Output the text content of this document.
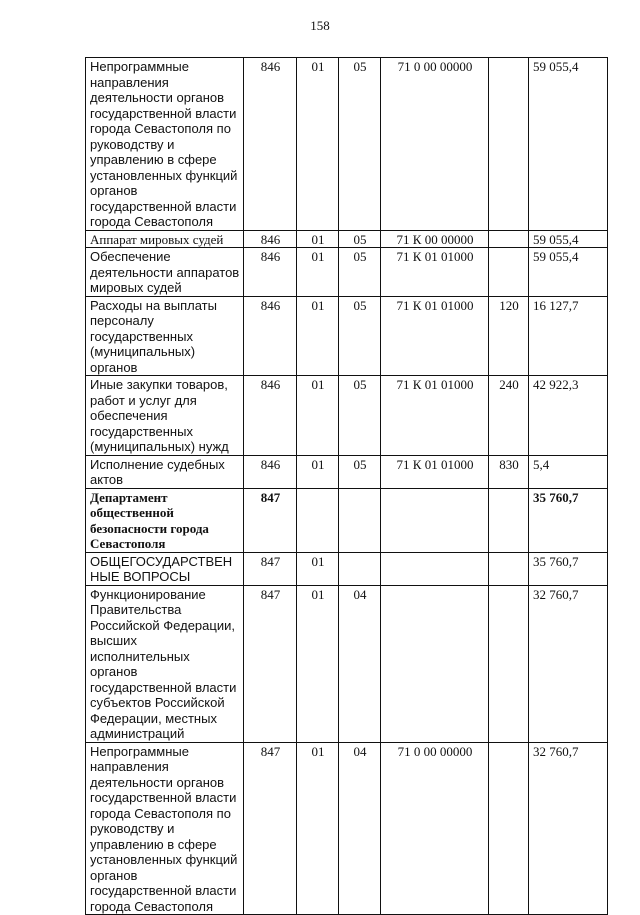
158
Непрограммные направления деятельности органов государственной власти города Севастополя по руководству и управлению в сфере установленных функций органов государственной власти города Севастополя	846	01	05	71 0 00 00000		59 055,4
Аппарат мировых судей	846	01	05	71 К 00 00000		59 055,4
Обеспечение деятельности аппаратов мировых судей	846	01	05	71 К 01 01000		59 055,4
Расходы на выплаты персоналу государственных (муниципальных) органов	846	01	05	71 К 01 01000	120	16 127,7
Иные закупки товаров, работ и услуг для обеспечения государственных (муниципальных) нужд	846	01	05	71 К 01 01000	240	42 922,3
Исполнение судебных актов	846	01	05	71 К 01 01000	830	5,4
Департамент общественной безопасности города Севастополя	847					35 760,7
ОБЩЕГОСУДАРСТВЕН НЫЕ ВОПРОСЫ	847	01				35 760,7
Функционирование Правительства Российской Федерации, высших исполнительных органов государственной власти субъектов Российской Федерации, местных администраций	847	01	04			32 760,7
Непрограммные направления деятельности органов государственной власти города Севастополя по руководству и управлению в сфере установленных функций органов государственной власти города Севастополя	847	01	04	71 0 00 00000		32 760,7
